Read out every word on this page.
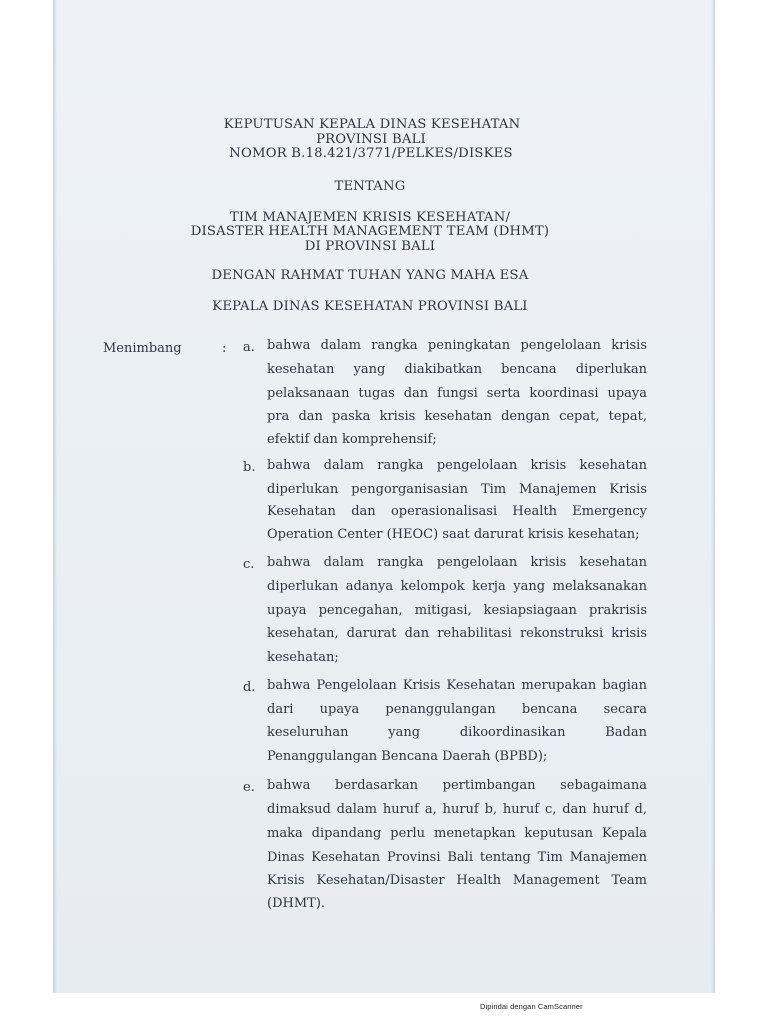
KEPUTUSAN KEPALA DINAS KESEHATAN
PROVINSI BALI
NOMOR B.18.421/3771/PELKES/DISKES
TENTANG
TIM MANAJEMEN KRISIS KESEHATAN/
DISASTER HEALTH MANAGEMENT TEAM (DHMT)
DI PROVINSI BALI
DENGAN RAHMAT TUHAN YANG MAHA ESA
KEPALA DINAS KESEHATAN PROVINSI BALI
Menimbang	: a. bahwa dalam rangka peningkatan pengelolaan krisis
kesehatan yang diakibatkan bencana diperlukan
pelaksanaan tugas dan fungsi serta koordinasi upaya
pra dan paska krisis kesehatan dengan cepat, tepat,
efektif dan komprehensif;
b. bahwa dalam rangka pengelolaan krisis kesehatan
diperlukan pengorganisasian Tim Manajemen Krisis
Kesehatan dan operasionalisasi Health Emergency
Operation Center (HEOC) saat darurat krisis kesehatan;
c. bahwa dalam rangka pengelolaan krisis kesehatan
diperlukan adanya kelompok kerja yang melaksanakan
upaya pencegahan, mitigasi, kesiapsiagaan prakrisis
kesehatan, darurat dan rehabilitasi rekonstruksi krisis
kesehatan;
d. bahwa Pengelolaan Krisis Kesehatan merupakan bagian
dari upaya penanggulangan bencana secara
keseluruhan yang dikoordinasikan Badan
Penanggulangan Bencana Daerah (BPBD);
e. bahwa berdasarkan pertimbangan sebagaimana
dimaksud dalam huruf a, huruf b, huruf c, dan huruf d,
maka dipandang perlu menetapkan keputusan Kepala
Dinas Kesehatan Provinsi Bali tentang Tim Manajemen
Krisis Kesehatan/Disaster Health Management Team
(DHMT).
Dipindai dengan CamScanner
